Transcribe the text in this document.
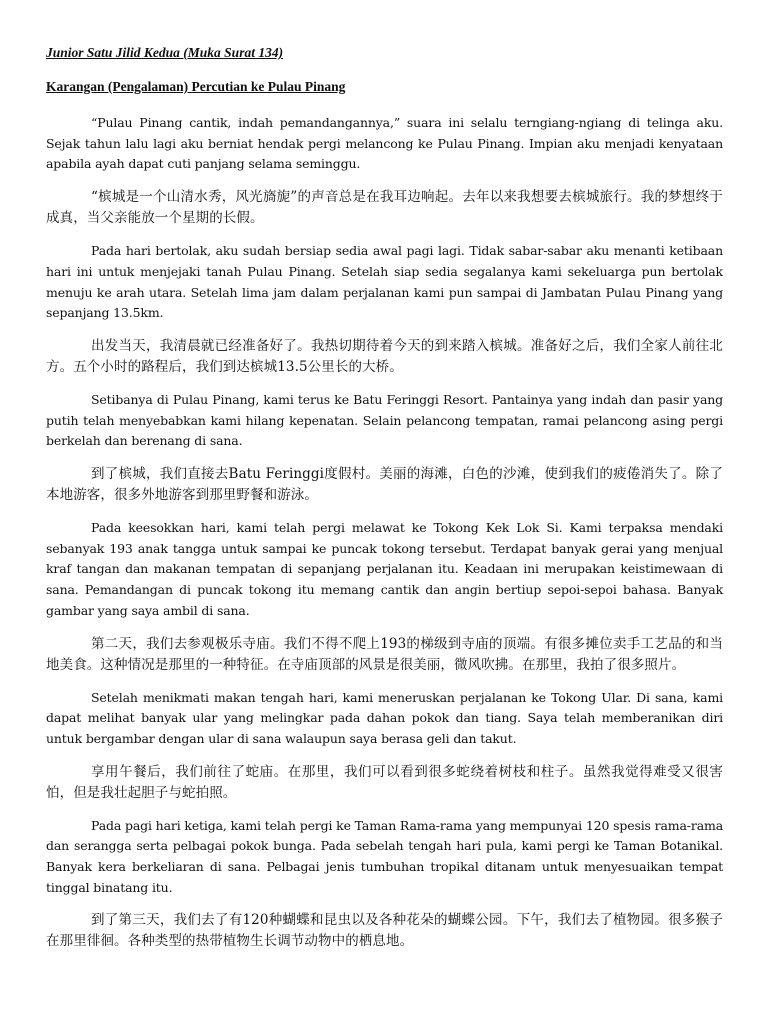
Junior Satu Jilid Kedua (Muka Surat 134)
Karangan (Pengalaman) Percutian ke Pulau Pinang

“Pulau Pinang cantik, indah pemandangannya,” suara ini selalu terngiang-ngiang di telinga aku. Sejak tahun lalu lagi aku berniat hendak pergi melancong ke Pulau Pinang. Impian aku menjadi kenyataan apabila ayah dapat cuti panjang selama seminggu.

“槟城是一个山清水秀，风光旖旎”的声音总是在我耳边响起。去年以来我想要去槟城旅行。我的梦想终于成真，当父亲能放一个星期的长假。

Pada hari bertolak, aku sudah bersiap sedia awal pagi lagi. Tidak sabar-sabar aku menanti ketibaan hari ini untuk menjejaki tanah Pulau Pinang. Setelah siap sedia segalanya kami sekeluarga pun bertolak menuju ke arah utara. Setelah lima jam dalam perjalanan kami pun sampai di Jambatan Pulau Pinang yang sepanjang 13.5km.

出发当天，我清晨就已经准备好了。我热切期待着今天的到来踏入槟城。准备好之后，我们全家人前往北方。五个小时的路程后，我们到达槟城13.5公里长的大桥。

Setibanya di Pulau Pinang, kami terus ke Batu Feringgi Resort. Pantainya yang indah dan pasir yang putih telah menyebabkan kami hilang kepenatan. Selain pelancong tempatan, ramai pelancong asing pergi berkelah dan berenang di sana.

到了槟城，我们直接去Batu Feringgi度假村。美丽的海滩，白色的沙滩，使到我们的疲倦消失了。除了本地游客，很多外地游客到那里野餐和游泳。

Pada keesokkan hari, kami telah pergi melawat ke Tokong Kek Lok Si. Kami terpaksa mendaki sebanyak 193 anak tangga untuk sampai ke puncak tokong tersebut. Terdapat banyak gerai yang menjual kraf tangan dan makanan tempatan di sepanjang perjalanan itu. Keadaan ini merupakan keistimewaan di sana. Pemandangan di puncak tokong itu memang cantik dan angin bertiup sepoi-sepoi bahasa. Banyak gambar yang saya ambil di sana.

第二天，我们去参观极乐寺庙。我们不得不爬上193的梯级到寺庙的顶端。有很多摊位卖手工艺品的和当地美食。这种情况是那里的一种特征。在寺庙顶部的风景是很美丽，微风吹拂。在那里，我拍了很多照片。

Setelah menikmati makan tengah hari, kami meneruskan perjalanan ke Tokong Ular. Di sana, kami dapat melihat banyak ular yang melingkar pada dahan pokok dan tiang. Saya telah memberanikan diri untuk bergambar dengan ular di sana walaupun saya berasa geli dan takut.

享用午餐后，我们前往了蛇庙。在那里，我们可以看到很多蛇绕着树枝和柱子。虽然我觉得难受又很害怕，但是我壮起胆子与蛇拍照。

Pada pagi hari ketiga, kami telah pergi ke Taman Rama-rama yang mempunyai 120 spesis rama-rama dan serangga serta pelbagai pokok bunga. Pada sebelah tengah hari pula, kami pergi ke Taman Botanikal. Banyak kera berkeliaran di sana. Pelbagai jenis tumbuhan tropikal ditanam untuk menyesuaikan tempat tinggal binatang itu.

到了第三天，我们去了有120种蝴蝶和昆虫以及各种花朵的蝴蝶公园。下午，我们去了植物园。很多猴子在那里徘徊。各种类型的热带植物生长调节动物中的栖息地。
